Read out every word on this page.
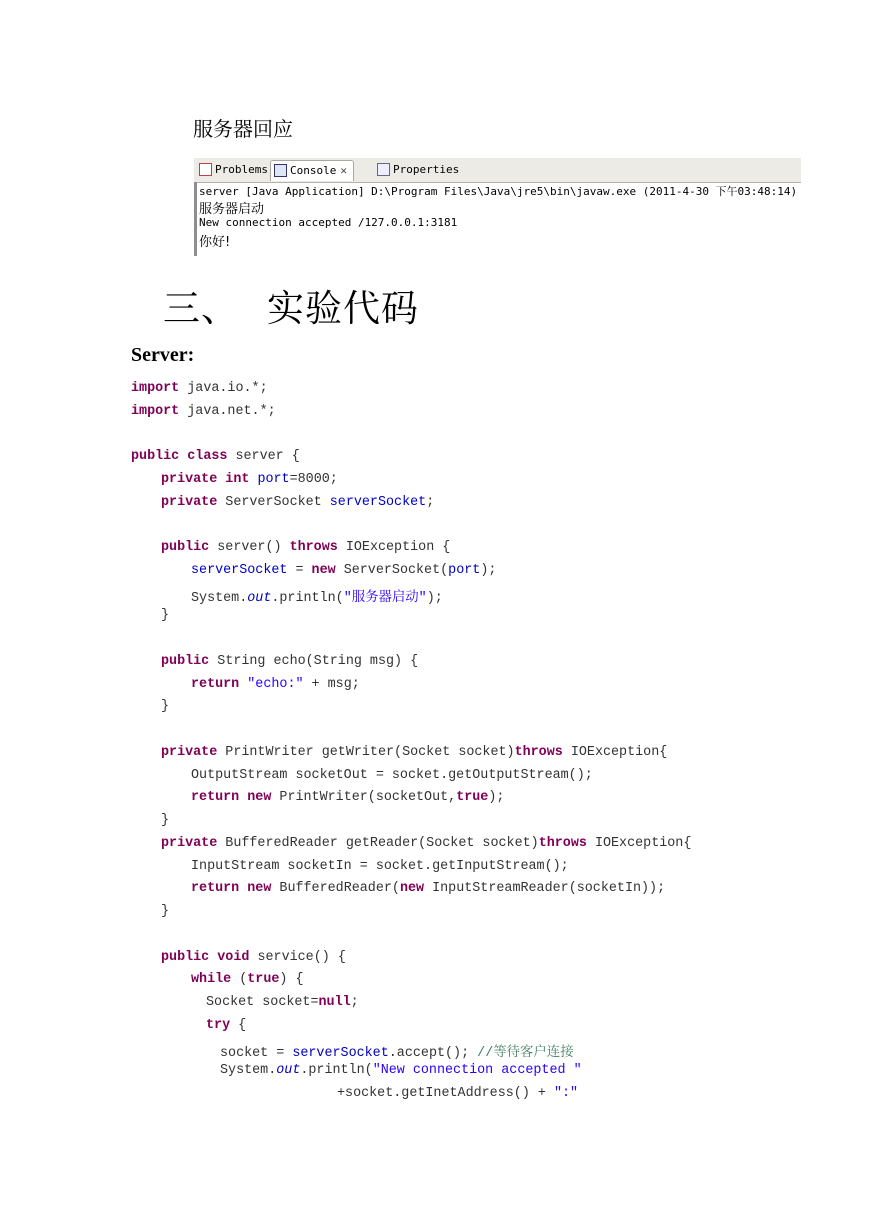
服务器回应
Problems	Console ✕	Properties
server [Java Application] D:\Program Files\Java\jre5\bin\javaw.exe (2011-4-30 下午03:48:14)
服务器启动
New connection accepted /127.0.0.1:3181
你好!
三、 实验代码
Server:
import java.io.*;
import java.net.*;
public class server {
private int port=8000;
private ServerSocket serverSocket;
public server() throws IOException {
serverSocket = new ServerSocket(port);
System.out.println("服务器启动");
}
public String echo(String msg) {
return "echo:" + msg;
}
private PrintWriter getWriter(Socket socket)throws IOException{
OutputStream socketOut = socket.getOutputStream();
return new PrintWriter(socketOut,true);
}
private BufferedReader getReader(Socket socket)throws IOException{
InputStream socketIn = socket.getInputStream();
return new BufferedReader(new InputStreamReader(socketIn));
}
public void service() {
while (true) {
Socket socket=null;
try {
socket = serverSocket.accept(); //等待客户连接
System.out.println("New connection accepted "
+socket.getInetAddress() + ":"
